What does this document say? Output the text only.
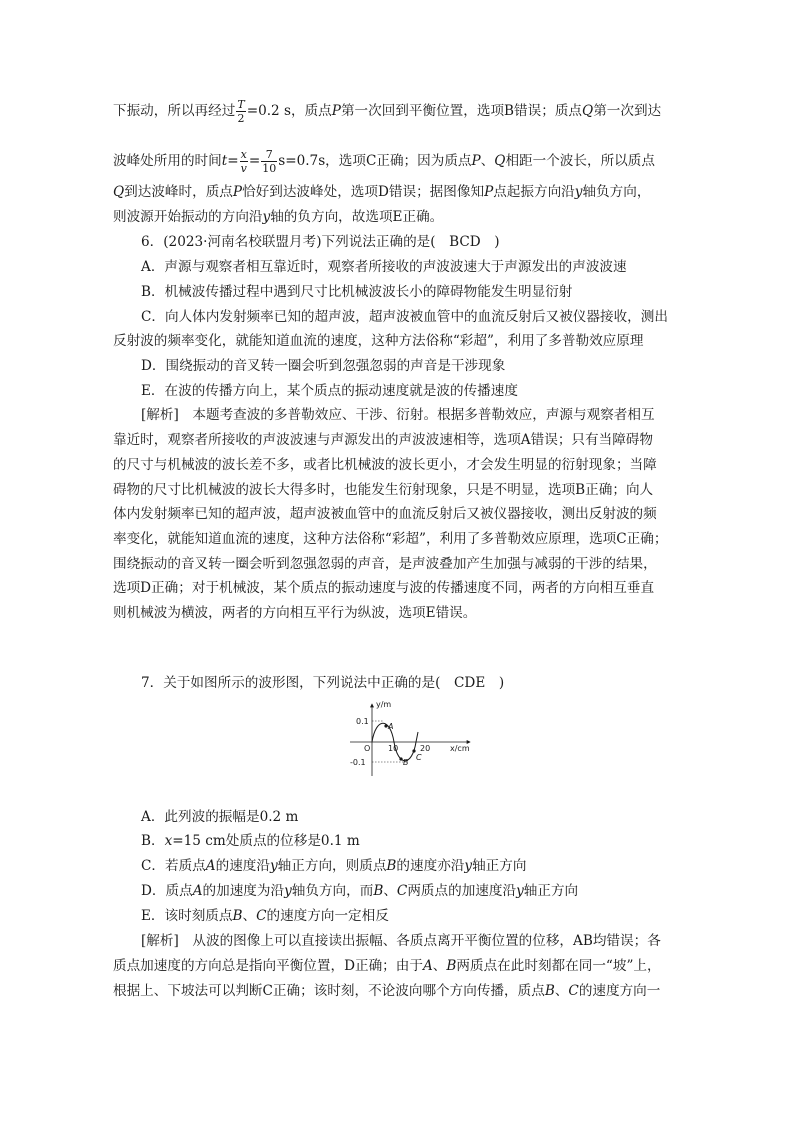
下振动，所以再经过 $\frac{T}{2} =0.2$ s，质点P第一次回到平衡位置，选项B错误；质点Q第一次到达
波峰处所用的时间$t= \frac{x}{v} = \frac{7}{10} s=0.7s$，选项C正确；因为质点P、Q相距一个波长，所以质点
Q到达波峰时，质点P恰好到达波峰处，选项D错误；据图像知P点起振方向沿y轴负方向，
则波源开始振动的方向沿y轴的负方向，故选项E正确。
6．(2023·河南名校联盟月考)下列说法正确的是(　BCD　)
A．声源与观察者相互靠近时，观察者所接收的声波波速大于声源发出的声波波速
B．机械波传播过程中遇到尺寸比机械波波长小的障碍物能发生明显衍射
C．向人体内发射频率已知的超声波，超声波被血管中的血流反射后又被仪器接收，测出
反射波的频率变化，就能知道血流的速度，这种方法俗称“彩超”，利用了多普勒效应原理
D．围绕振动的音叉转一圈会听到忽强忽弱的声音是干涉现象
E．在波的传播方向上，某个质点的振动速度就是波的传播速度
[解析]　本题考查波的多普勒效应、干涉、衍射。根据多普勒效应，声源与观察者相互
靠近时，观察者所接收的声波波速与声源发出的声波波速相等，选项A错误；只有当障碍物
的尺寸与机械波的波长差不多，或者比机械波的波长更小，才会发生明显的衍射现象；当障
碍物的尺寸比机械波的波长大得多时，也能发生衍射现象，只是不明显，选项B正确；向人
体内发射频率已知的超声波，超声波被血管中的血流反射后又被仪器接收，测出反射波的频
率变化，就能知道血流的速度，这种方法俗称“彩超”，利用了多普勒效应原理，选项C正确；
围绕振动的音叉转一圈会听到忽强忽弱的声音，是声波叠加产生加强与减弱的干涉的结果，
选项D正确；对于机械波，某个质点的振动速度与波的传播速度不同，两者的方向相互垂直
则机械波为横波，两者的方向相互平行为纵波，选项E错误。
7．关于如图所示的波形图，下列说法中正确的是(　CDE　)
y/m
x/cm
O
0.1
-0.1
10	20
A
B
C
A．此列波的振幅是0.2 m
B．x=15 cm处质点的位移是0.1 m
C．若质点A的速度沿y轴正方向，则质点B的速度亦沿y轴正方向
D．质点A的加速度为沿y轴负方向，而B、C两质点的加速度沿y轴正方向
E．该时刻质点B、C的速度方向一定相反
[解析]　从波的图像上可以直接读出振幅、各质点离开平衡位置的位移，AB均错误；各
质点加速度的方向总是指向平衡位置，D正确；由于A、B两质点在此时刻都在同一“坡”上，
根据上、下坡法可以判断C正确；该时刻，不论波向哪个方向传播，质点B、C的速度方向一
